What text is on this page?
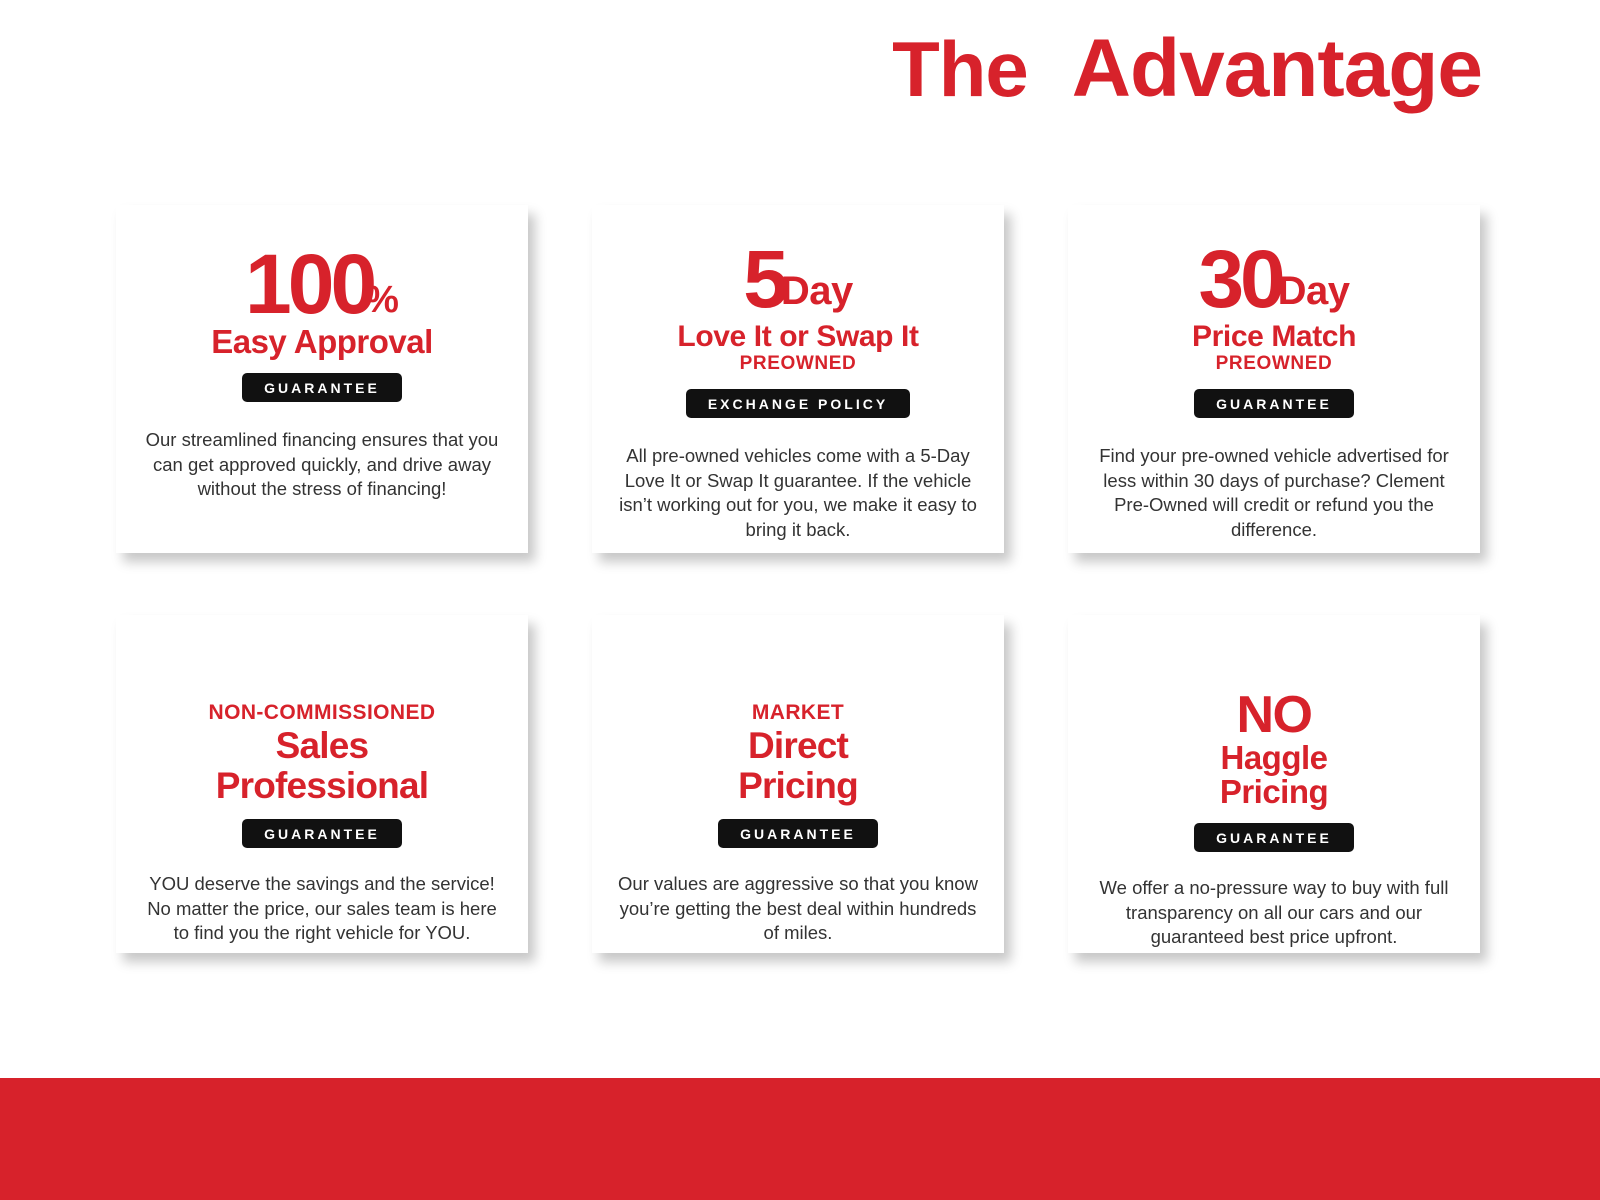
The Advantage
100
%
Easy Approval
GUARANTEE
Our streamlined financing ensures that you can get approved quickly, and drive away without the stress of financing!
5
Day
Love It or Swap It
PREOWNED
EXCHANGE POLICY
All pre-owned vehicles come with a 5-Day Love It or Swap It guarantee. If the vehicle isn’t working out for you, we make it easy to bring it back.
30
Day
Price Match
PREOWNED
GUARANTEE
Find your pre-owned vehicle advertised for less within 30 days of purchase? Clement Pre-Owned will credit or refund you the difference.
NON-COMMISSIONED
Sales
Professional
GUARANTEE
YOU deserve the savings and the service! No matter the price, our sales team is here to find you the right vehicle for YOU.
MARKET
Direct
Pricing
GUARANTEE
Our values are aggressive so that you know you’re getting the best deal within hundreds of miles.
NO
Haggle
Pricing
GUARANTEE
We offer a no-pressure way to buy with full transparency on all our cars and our guaranteed best price upfront.
